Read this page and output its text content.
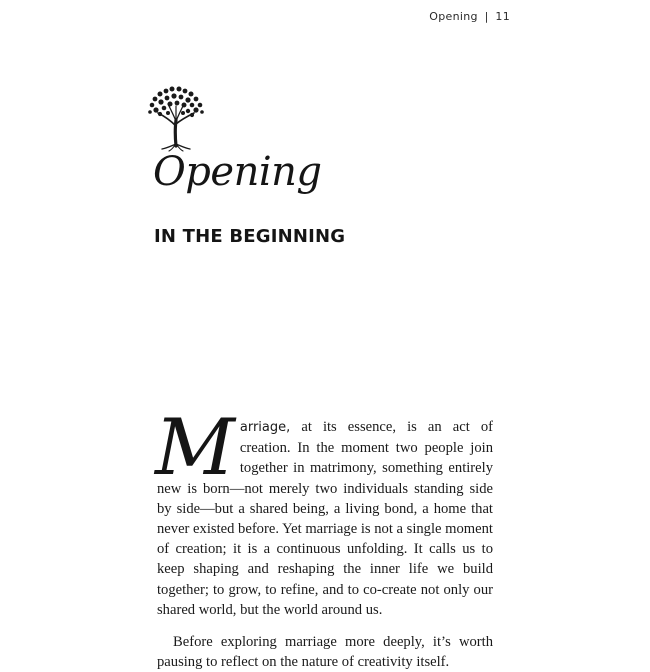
Opening | 11
Opening
IN THE BEGINNING

Marriage, at its essence, is an act of creation. In the moment two people join together in matrimony, something entirely new is born—not merely two individuals standing side by side—but a shared being, a living bond, a home that never existed before. Yet marriage is not a single moment of creation; it is a continuous unfolding. It calls us to keep shaping and reshaping the inner life we build together; to grow, to refine, and to co-create not only our shared world, but the world around us.

Before exploring marriage more deeply, it’s worth pausing to reflect on the nature of creativity itself.
